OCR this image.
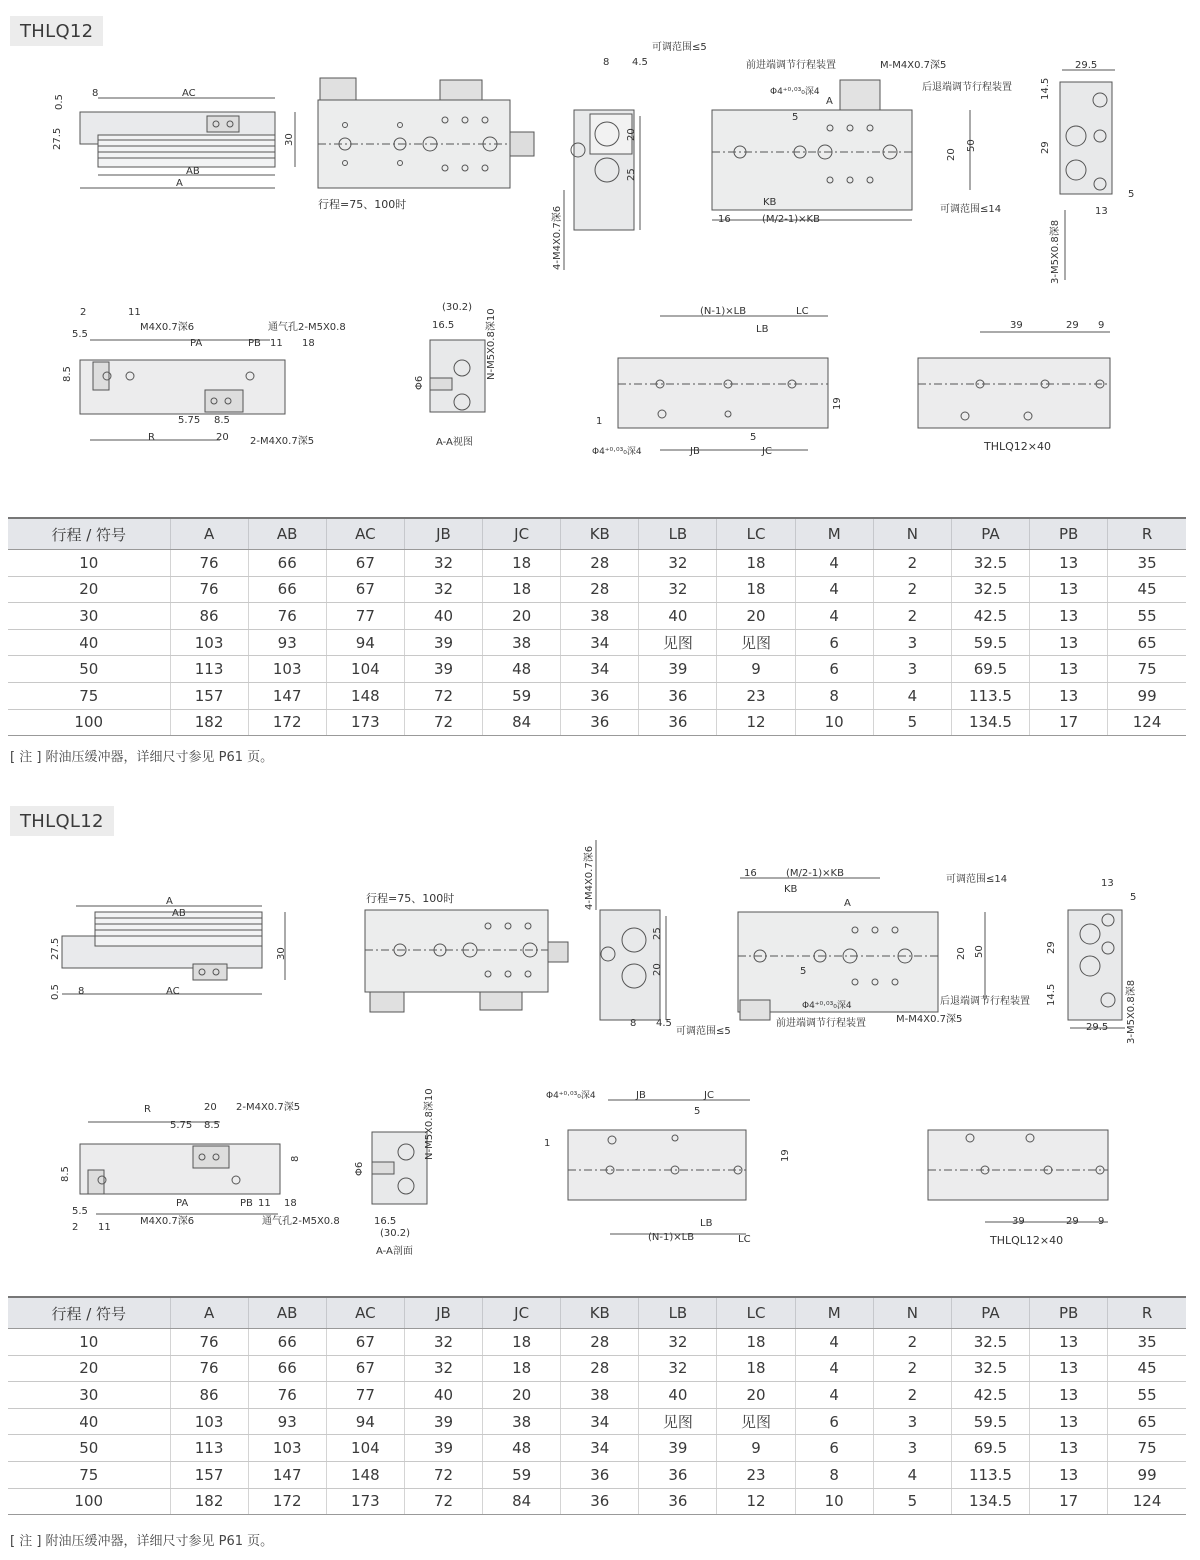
THLQ12
AC
8
AB
A
0.5
27.5	30
行程=75、100时
可调范围≤5
8 4.5
20
25
4-M4X0.7深6
前进端调节行程装置	M-M4X0.7深5
后退端调节行程装置
Φ4⁺⁰·⁰³₀深4
A
5
KB
16	(M/2-1)×KB
可调范围≤14
20
50
29.5
14.5
29
5
13
3-M5X0.8深8
2	11
M4X0.7深6	通气孔2-M5X0.8
5.5
PA	PB 11 18
8.5
5.75 8.5
R	20 2-M4X0.7深5
(30.2)
16.5	N-M5X0.8深10
Φ6
A-A视图
(N-1)×LB	LC
LB
1
19
Φ4⁺⁰·⁰³₀深4	JB
5
JC
39	29 9
THLQ12×40
行程 / 符号	A	AB	AC	JB	JC	KB	LB	LC	M	N	PA	PB	R
10	76	66	67	32	18	28	32	18	4	2	32.5	13	35
20	76	66	67	32	18	28	32	18	4	2	32.5	13	45
30	86	76	77	40	20	38	40	20	4	2	42.5	13	55
40	103	93	94	39	38	34	见图	见图	6	3	59.5	13	65
50	113	103	104	39	48	34	39	9	6	3	69.5	13	75
75	157	147	148	72	59	36	36	23	8	4	113.5	13	99
100	182	172	173	72	84	36	36	12	10	5	134.5	17	124
[ 注 ] 附油压缓冲器，详细尺寸参见 P61 页。
THLQL12
A
AB
AC
8
27.5
0.5
30
行程=75、100时	4-M4X0.7深6
25
20
8 4.5
可调范围≤5
16	(M/2-1)×KB
KB
可调范围≤14
A
5
Φ4⁺⁰·⁰³₀深4
前进端调节行程装置	M-M4X0.7深5
后退端调节行程装置
20 50
13
5
29
14.5
29.5 3-M5X0.8深8
R	20 2-M4X0.7深5
5.75 8.5
8.5
8
PA	PB 11 18
5.5
2 11
M4X0.7深6	通气孔2-M5X0.8
N-M5X0.8深10
Φ6
16.5
(30.2)
A-A剖面
Φ4⁺⁰·⁰³₀深4	JB	JC
5
1
19
LB
(N-1)×LB	LC
39	29 9
THLQL12×40
行程 / 符号	A	AB	AC	JB	JC	KB	LB	LC	M	N	PA	PB	R
10	76	66	67	32	18	28	32	18	4	2	32.5	13	35
20	76	66	67	32	18	28	32	18	4	2	32.5	13	45
30	86	76	77	40	20	38	40	20	4	2	42.5	13	55
40	103	93	94	39	38	34	见图	见图	6	3	59.5	13	65
50	113	103	104	39	48	34	39	9	6	3	69.5	13	75
75	157	147	148	72	59	36	36	23	8	4	113.5	13	99
100	182	172	173	72	84	36	36	12	10	5	134.5	17	124
[ 注 ] 附油压缓冲器，详细尺寸参见 P61 页。
